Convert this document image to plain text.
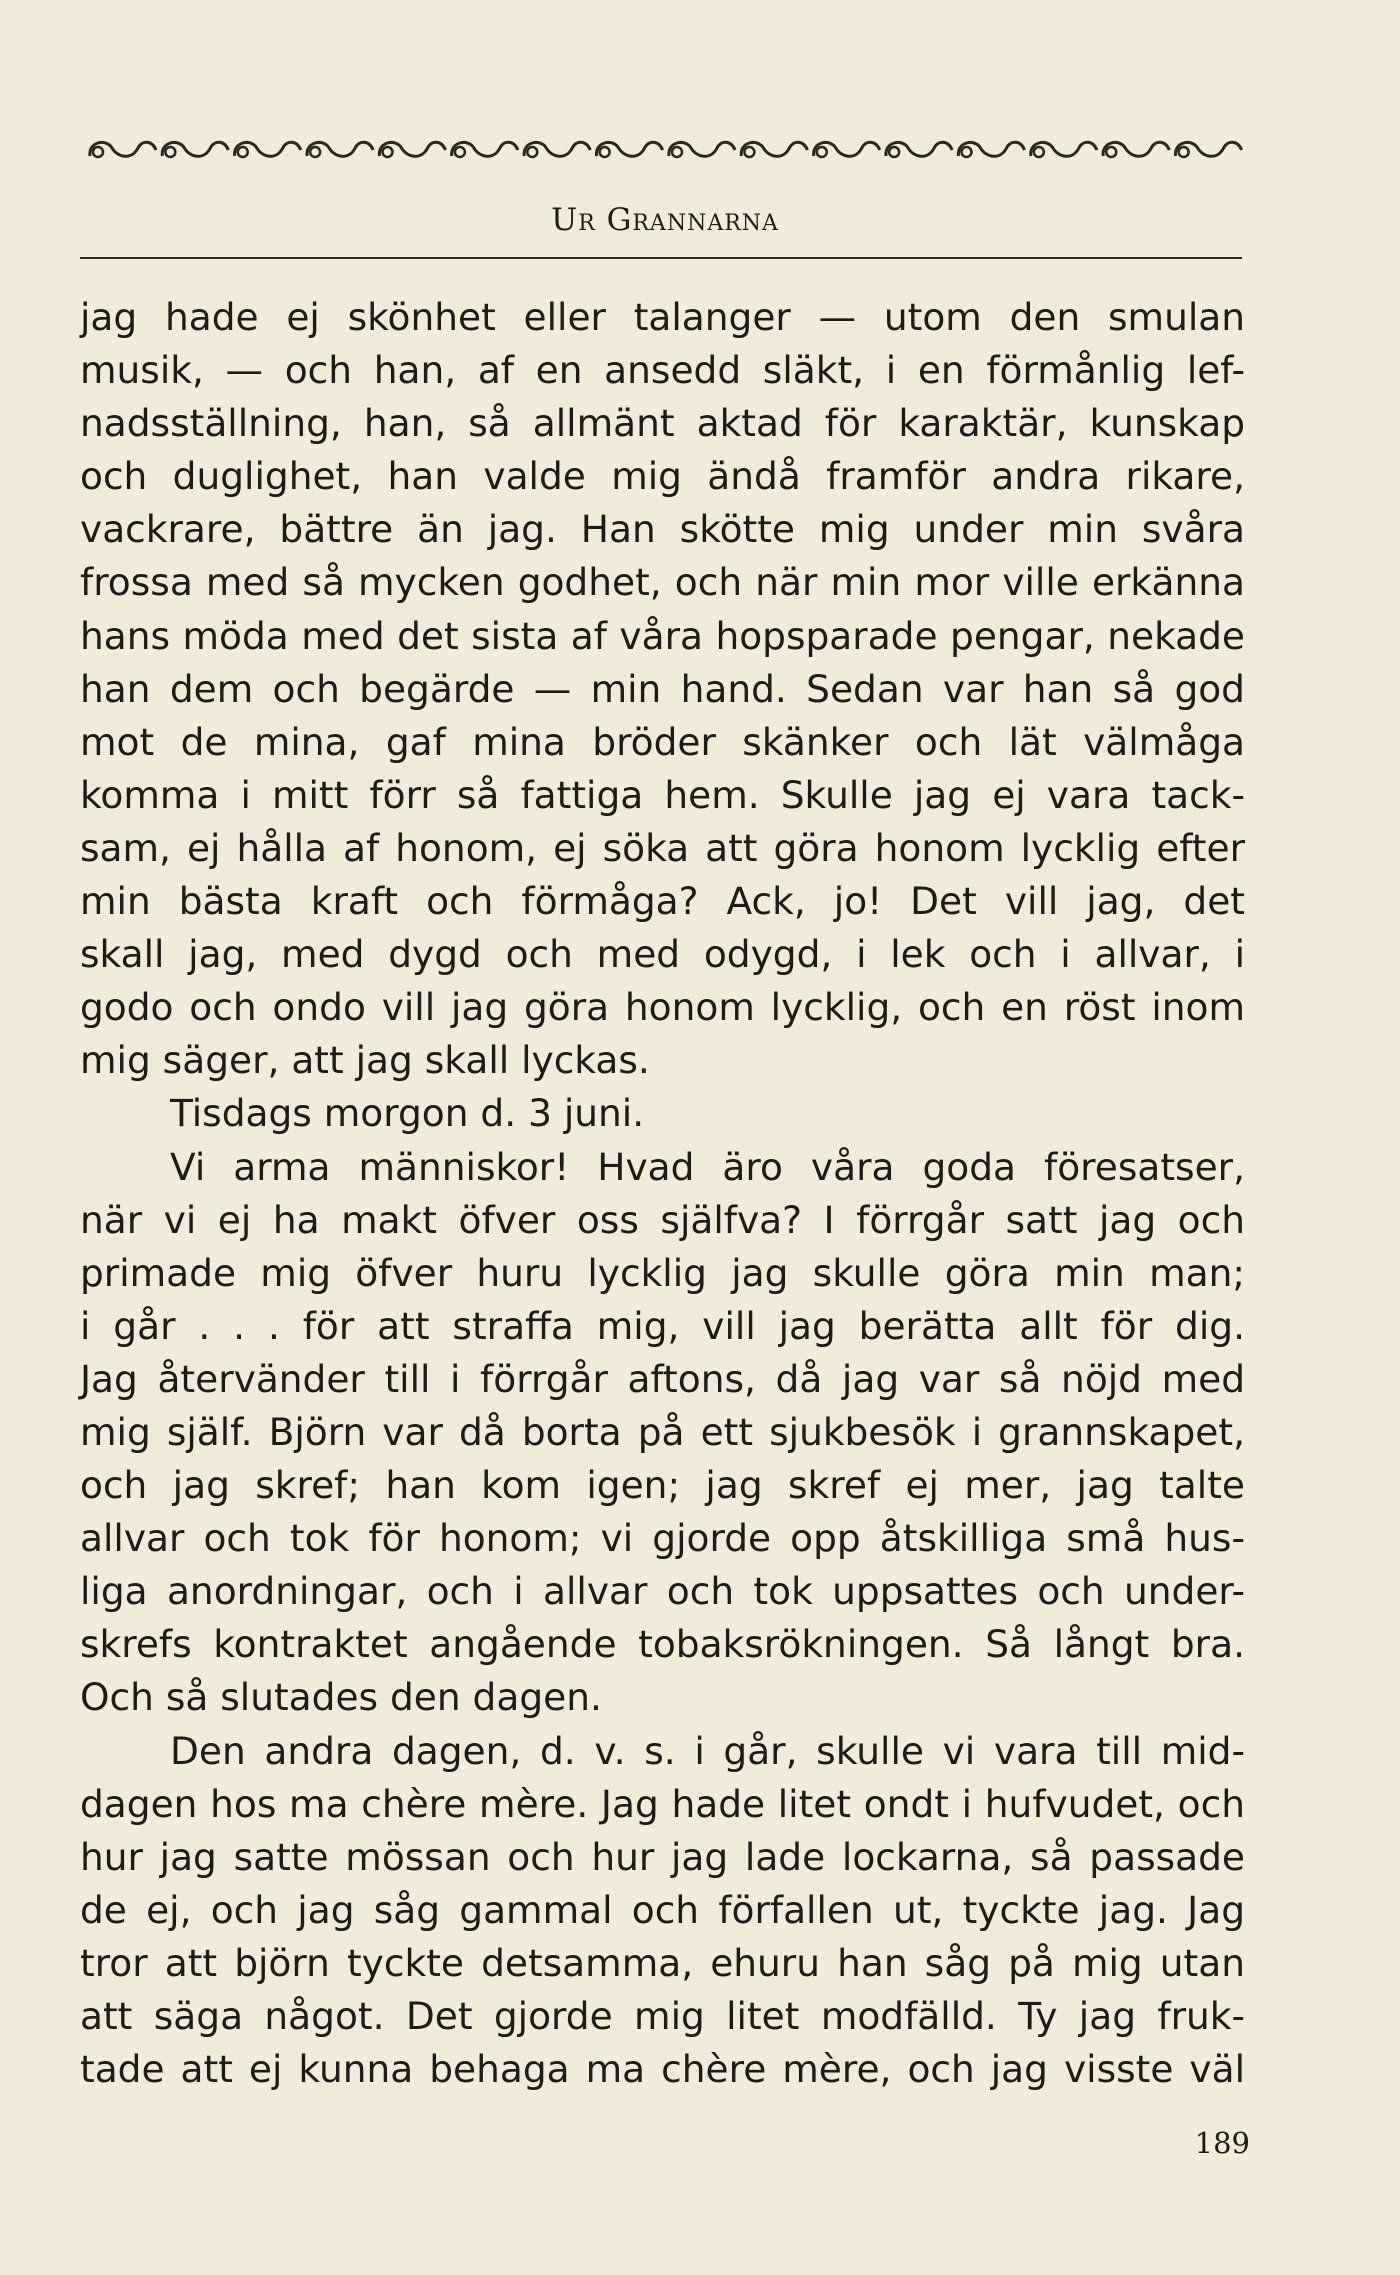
Ur Grannarna
jag hade ej skönhet eller talanger — utom den smulan
musik, — och han, af en ansedd släkt, i en förmånlig lef-
nadsställning, han, så allmänt aktad för karaktär, kunskap
och duglighet, han valde mig ändå framför andra rikare,
vackrare, bättre än jag. Han skötte mig under min svåra
frossa med så mycken godhet, och när min mor ville erkänna
hans möda med det sista af våra hopsparade pengar, nekade
han dem och begärde — min hand. Sedan var han så god
mot de mina, gaf mina bröder skänker och lät välmåga
komma i mitt förr så fattiga hem. Skulle jag ej vara tack-
sam, ej hålla af honom, ej söka att göra honom lycklig efter
min bästa kraft och förmåga? Ack, jo! Det vill jag, det
skall jag, med dygd och med odygd, i lek och i allvar, i
godo och ondo vill jag göra honom lycklig, och en röst inom
mig säger, att jag skall lyckas.
Tisdags morgon d. 3 juni.
Vi arma människor! Hvad äro våra goda föresatser,
när vi ej ha makt öfver oss själfva? I förrgår satt jag och
primade mig öfver huru lycklig jag skulle göra min man;
i går . . . för att straffa mig, vill jag berätta allt för dig.
Jag återvänder till i förrgår aftons, då jag var så nöjd med
mig själf. Björn var då borta på ett sjukbesök i grannskapet,
och jag skref; han kom igen; jag skref ej mer, jag talte
allvar och tok för honom; vi gjorde opp åtskilliga små hus-
liga anordningar, och i allvar och tok uppsattes och under-
skrefs kontraktet angående tobaksrökningen. Så långt bra.
Och så slutades den dagen.
Den andra dagen, d. v. s. i går, skulle vi vara till mid-
dagen hos ma chère mère. Jag hade litet ondt i hufvudet, och
hur jag satte mössan och hur jag lade lockarna, så passade
de ej, och jag såg gammal och förfallen ut, tyckte jag. Jag
tror att björn tyckte detsamma, ehuru han såg på mig utan
att säga något. Det gjorde mig litet modfälld. Ty jag fruk-
tade att ej kunna behaga ma chère mère, och jag visste väl
189
